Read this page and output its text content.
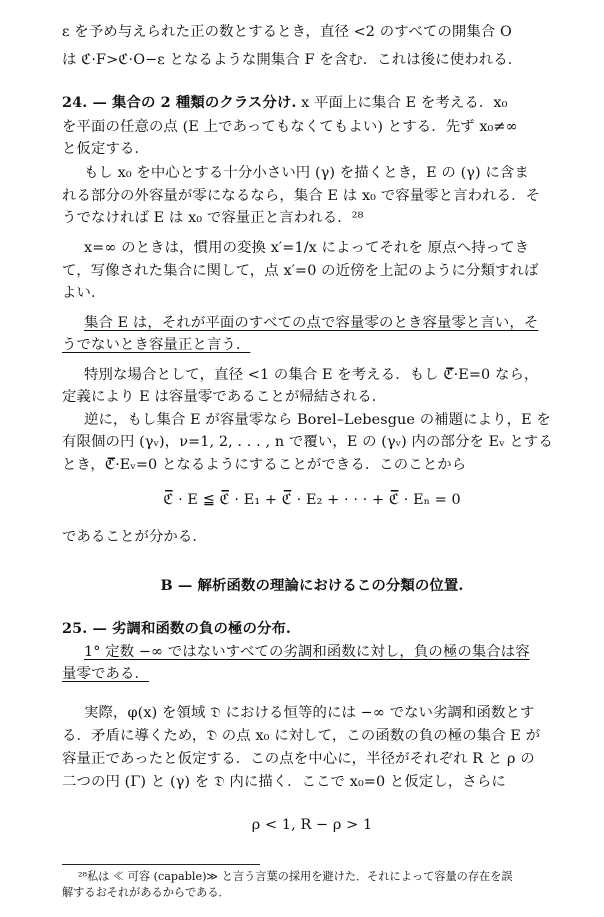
ε を予め与えられた正の数とするとき，直径 <2 のすべての開集合 O
は ℭ·F>ℭ·O−ε となるような開集合 F を含む．これは後に使われる．
24. — 集合の 2 種類のクラス分け. x 平面上に集合 E を考える．x₀
を平面の任意の点 (E 上であってもなくてもよい) とする．先ず x₀≠∞
と仮定する．
もし x₀ を中心とする十分小さい円 (γ) を描くとき，E の (γ) に含ま
れる部分の外容量が零になるなら，集合 E は x₀ で容量零と言われる．そ
うでなければ E は x₀ で容量正と言われる．²⁸
x=∞ のときは，慣用の変換 x′=1/x によってそれを 原点へ持ってき
て，写像された集合に関して，点 x′=0 の近傍を上記のように分類すれば
よい．
集合 E は，それが平面のすべての点で容量零のとき容量零と言い，そ
うでないとき容量正と言う．
特別な場合として，直径 <1 の集合 E を考える．もし ℭ̅·E=0 なら，
定義により E は容量零であることが帰結される．
逆に，もし集合 E が容量零なら Borel–Lebesgue の補題により，E を
有限個の円 (γᵥ)，ν=1, 2, . . . , n で覆い，E の (γᵥ) 内の部分を Eᵥ とする
とき，ℭ̅·Eᵥ=0 となるようにすることができる．このことから
ℭ̅ · E ≦ ℭ̅ · E₁ + ℭ̅ · E₂ + · · · + ℭ̅ · Eₙ = 0
であることが分かる．
B — 解析函数の理論におけるこの分類の位置.
25. — 劣調和函数の負の極の分布.
1° 定数 −∞ ではないすべての劣調和函数に対し，負の極の集合は容
量零である．
実際，φ(x) を領域 𝔇 における恒等的には −∞ でない劣調和函数とす
る．矛盾に導くため，𝔇 の点 x₀ に対して，この函数の負の極の集合 E が
容量正であったと仮定する．この点を中心に，半径がそれぞれ R と ρ の
二つの円 (Γ) と (γ) を 𝔇 内に描く．ここで x₀=0 と仮定し，さらに
ρ < 1, R − ρ > 1
²⁸私は ≪ 可容 (capable)≫ と言う言葉の採用を避けた．それによって容量の存在を誤
解するおそれがあるからである．
